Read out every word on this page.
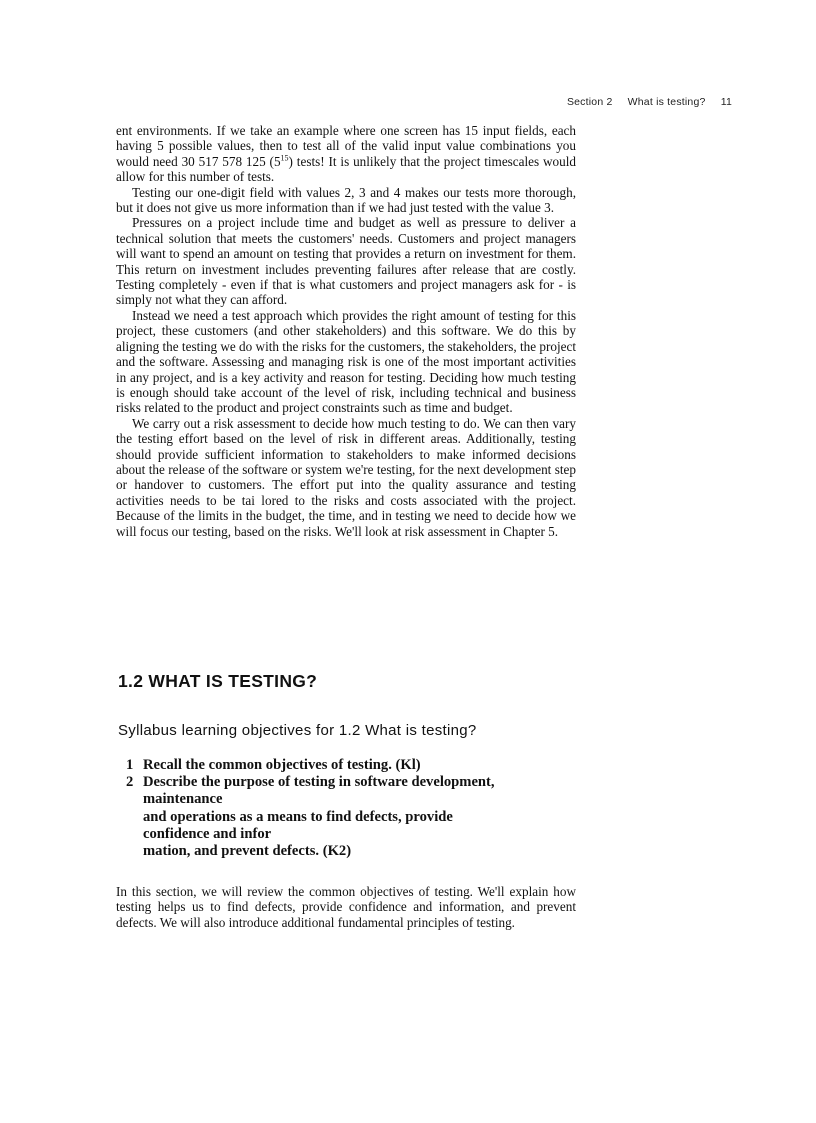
Section 2 What is testing? 11

ent environments. If we take an example where one screen has 15 input fields, each having 5 possible values, then to test all of the valid input value combinations you would need 30 517 578 125 $(5^{15})$ tests! It is unlikely that the project timescales would allow for this number of tests.

Testing our one-digit field with values 2, 3 and 4 makes our tests more thorough, but it does not give us more information than if we had just tested with the value 3.

Pressures on a project include time and budget as well as pressure to deliver a technical solution that meets the customers' needs. Customers and project managers will want to spend an amount on testing that provides a return on investment for them. This return on investment includes preventing failures after release that are costly. Testing completely - even if that is what customers and project managers ask for - is simply not what they can afford.

Instead we need a test approach which provides the right amount of testing for this project, these customers (and other stakeholders) and this software. We do this by aligning the testing we do with the risks for the customers, the stakeholders, the project and the software. Assessing and managing risk is one of the most important activities in any project, and is a key activity and reason for testing. Deciding how much testing is enough should take account of the level of risk, including technical and business risks related to the product and project constraints such as time and budget.

We carry out a risk assessment to decide how much testing to do. We can then vary the testing effort based on the level of risk in different areas. Additionally, testing should provide sufficient information to stakeholders to make informed decisions about the release of the software or system we're testing, for the next development step or handover to customers. The effort put into the quality assurance and testing activities needs to be tai lored to the risks and costs associated with the project. Because of the limits in the budget, the time, and in testing we need to decide how we will focus our testing, based on the risks. We'll look at risk assessment in Chapter 5.

1.2 WHAT IS TESTING?
Syllabus learning objectives for 1.2 What is testing?
1 Recall the common objectives of testing. (Kl)
2 Describe the purpose of testing in software development,
maintenance
and operations as a means to find defects, provide
confidence and infor
mation, and prevent defects. (K2)

In this section, we will review the common objectives of testing. We'll explain how testing helps us to find defects, provide confidence and information, and prevent defects. We will also introduce additional fundamental principles of testing.
